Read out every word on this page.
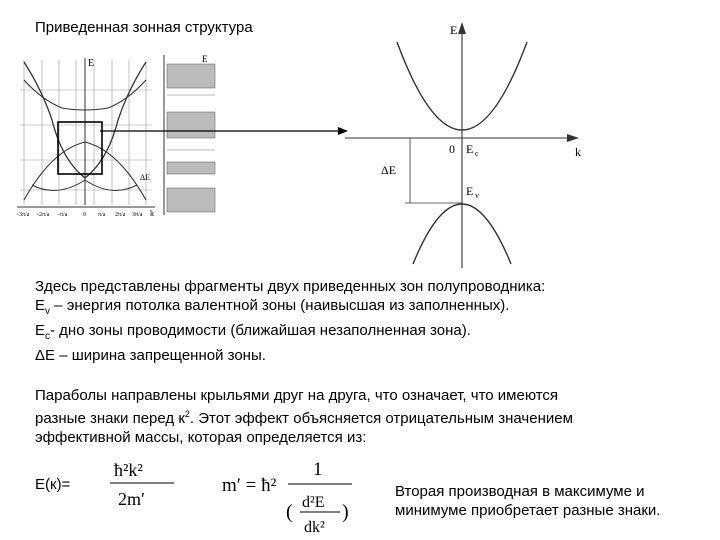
Приведенная зонная структура
E
ΔE
k
-3π/a -2π/a -π/a	0 π/a 2π/a 3π/a
E
E
k
0 E c
E v
ΔE
Здесь представлены фрагменты двух приведенных зон полупроводника:
$E_v$ – энергия потолка валентной зоны (наивысшая из заполненных).
$E_c-$ дно зоны проводимости (ближайшая незаполненная зона).
ΔE – ширина запрещенной зоны.
Параболы направлены крыльями друг на друга, что означает, что имеются
разные знаки перед $к^2$. Этот эффект объясняется отрицательным значением
эффективной массы, которая определяется из:
E(к)=
ħ²k²
2m′
m′ = ħ²
1
( d²E
dk²
)
Вторая производная в максимуме и
минимуме приобретает разные знаки.
